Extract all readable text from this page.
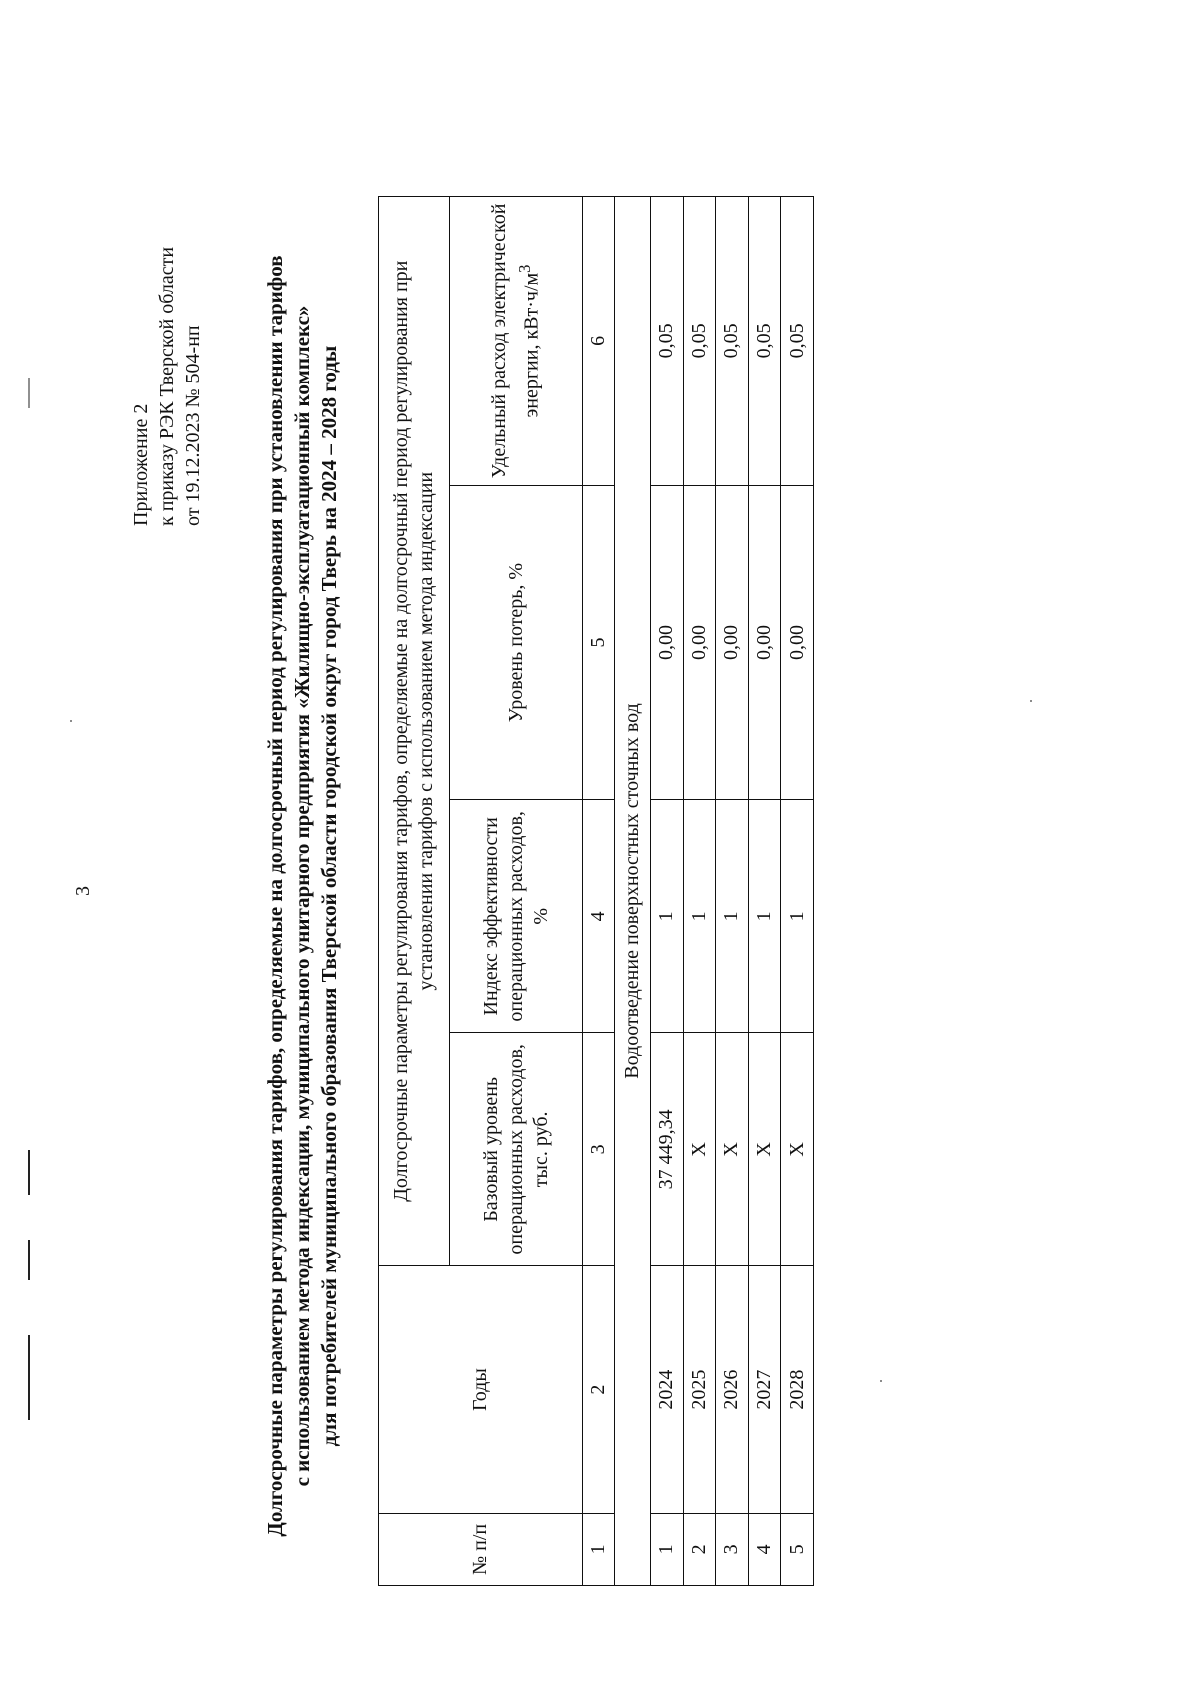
3
Приложение 2 к приказу РЭК Тверской области от 19.12.2023 № 504-нп	Долгосрочные параметры регулирования тарифов, определяемые на долгосрочный период регулирования при установлении тарифов с использованием метода индексации, муниципального унитарного предприятия «Жилищно-эксплуатационный комплекс» для потребителей муниципального образования Тверской области городской округ город Тверь на 2024 – 2028 годы
№ п/п	Годы	Долгосрочные параметры регулирования тарифов, определяемые на долгосрочный период регулирования при установлении тарифов с использованием метода индексации			
		Базовый уровень операционных расходов, тыс. руб.	Индекс эффективности операционных расходов, %	Уровень потерь, %	Удельный расход электрической энергии, $кВт\cdot ч/м^3$
1	2	3	4	5	6
Водоотведение поверхностных сточных вод					
1	2024	37 449,34	1	0,00	0,05
2	2025	Х	1	0,00	0,05
3	2026	Х	1	0,00	0,05
4	2027	Х	1	0,00	0,05
5	2028	Х	1	0,00	0,05
